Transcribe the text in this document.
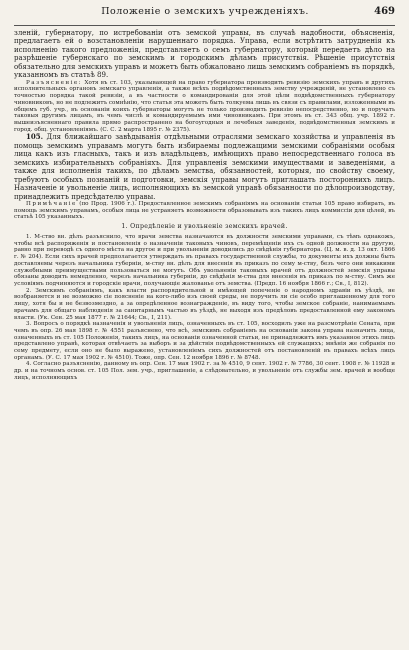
Положеніе о земскихъ учрежденіяхъ.	469

зленій, губернатору, по истребованіи отъ земской управы, въ случаѣ надобности, объясненія, предлагаетъ ей о возстановленіи нарушеннаго порядка. Управа, если встрѣтитъ затрудненія къ исполненію такого предложенія, представляетъ о семъ губернатору, который передаетъ дѣло на разрѣшеніе губернскаго по земскимъ и городскимъ дѣламъ присутствія. Рѣшеніе присутствія обязательно для земскихъ управъ и можетъ быть обжаловано лишь земскимъ собраніемъ въ порядкѣ, указанномъ въ статьѣ 89.

Разъясненіе: Хотя въ ст. 103, указывающей на право губернатора производить ревизію земскихъ управъ и другихъ исполнительныхъ органовъ земскаго управленія, а также всѣхъ подвѣдомственныхъ земству учрежденій, не установлено съ точностью порядка такой ревизіи, а въ частности о командированіи для этой цѣли подвѣдомственныхъ губернатору чиновниковъ, но не подлежитъ сомнѣнію, что статья эта можетъ быть толкуема лишь въ связи съ правилами, изложенными въ общемъ губ. учр., въ основаніи коихъ губернаторы могутъ не только производить ревизію непосредственно, но и поручать таковыя другимъ лицамъ, въ чемъ числѣ и командируемымъ ими чиновникамъ. При этомъ въ ст. 343 общ. учр. 1892 г. вышеизъясненнаго правила прямо распространено на богоугодныя и лечебныя заведенія, подвѣдомственныя земскимъ и город. общ. установленіямъ. (С. С. 2 марта 1895 г. № 2375).

105. Для ближайшаго завѣдыванія отдѣльными отраслями земскаго хозяйства и управленія въ помощь земскимъ управамъ могутъ быть избираемы подлежащими земскими собраніями особыя лица какъ изъ гласныхъ, такъ и изъ владѣльцевъ, имѣющихъ право непосредственнаго голоса въ земскихъ избирательныхъ собраніяхъ. Для управленія земскими имуществами и заведеніями, а также для исполненія такихъ, по дѣламъ земства, обязанностей, которыя, по свойству своему, требуютъ особыхъ познаній и подготовки, земскія управы могутъ приглашать постороннихъ лицъ. Назначеніе и увольненіе лицъ, исполняющихъ въ земской управѣ обязанности по дѣлопроизводству, принадлежитъ предсѣдателю управы.

Примѣчаніе (по Прод. 1906 г.). Предоставленное земскимъ собраніямъ на основаніи статьи 105 право избирать, въ помощь земскимъ управамъ, особыя лица не устраняетъ возможности образовывать изъ такихъ лицъ коммиссіи для цѣлей, въ статьѣ 105 указанныхъ.

1. Опредѣленіе и увольненіе земскихъ врачей.

1. М-ство вн. дѣлъ разъяснило, что врачи земства назначаются въ должности земскими управами, съ тѣмъ однакожъ, чтобы всѣ распоряженія и постановленія о назначеніи таковыхъ чиновъ, перемѣщеніи ихъ съ одной должности на другую, равно при переводѣ съ одного мѣста на другое и при увольненіи доводились до свѣдѣнія губернатора. (Ц. м. в. д. 13 окт. 1866 г. № 204). Если сихъ врачей предполагается утверждать въ правахъ государственной службы, то документы ихъ должны быть доставляемы черезъ начальника губерніи, м-ству вн. дѣлъ для внесенія въ приказъ по сему м-ству, безъ чего они никакими служебными преимуществами пользоваться не могутъ. Объ увольненіи таковыхъ врачей отъ должностей земскія управы обязаны доводить немедленно, черезъ начальника губерніи, до свѣдѣнія м-ства для внесенія въ приказъ по м-ству. Симъ же условіямъ подчиняются и городскіе врачи, получающіе жалованье отъ земства. (Предп. 16 ноября 1866 г.; Св., I, 812).

2. Земскимъ собраніямъ, какъ власти распорядительной и имѣющей попеченіе о народномъ здравіи въ уѣздѣ, не возбраняется и не возможно сіе поясненіе на кого-либо изъ своей среды, не поручить ли сіе особо приглашенному для того лицу, хотя бы и не безвозмездно, а за опредѣленное вознагражденіе, въ виду того, чтобы земское собраніе, нанимаемымъ врачамъ для общаго наблюденія за санитарнымъ частью въ уѣздѣ, не выходя изъ предѣловъ предоставленной ему закономъ власти. (Ук. Сен. 25 мая 1877 г. № 21644; Св., I, 211).

3. Вопросъ о порядкѣ назначенія и увольненія лицъ, означенныхъ въ ст. 105, восходилъ уже на разсмотрѣніе Сената, при чемъ въ опр. 26 мая 1898 г. № 4551 разъяснено, что всѣ, земскимъ собраніемъ на основаніи закона управа назначить лица, означенныхъ въ ст. 105 Положенія, такихъ лицъ, на основаніи означенной статьи, не принадлежитъ имъ указанное этихъ лицъ представлено управѣ, которая отвѣчаетъ за выборъ и за дѣйствія подвѣдомственныхъ ей служащихъ; мнѣнія же собранія по сему предмету, если оно не было выражено, установленіемъ сихъ должностей отъ постановленій въ правахъ всѣхъ лицъ органамъ. (У. С. 17 мая 1902 г. № 4510). Тоже, опр. Сен. 12 ноября 1896 г. № 8748.

4. Согласно разъясненію, данному въ опр. Сен. 17 мая 1902 г. за № 4510, 9 сент. 1902 г. № 7786, 30 сент. 1908 г. № 11928 и др. и на точномъ основ. ст. 105 Пол. зем. учр., приглашеніе, а слѣдовательно, и увольненіе отъ службы зем. врачей и вообще лицъ, исполняющихъ
